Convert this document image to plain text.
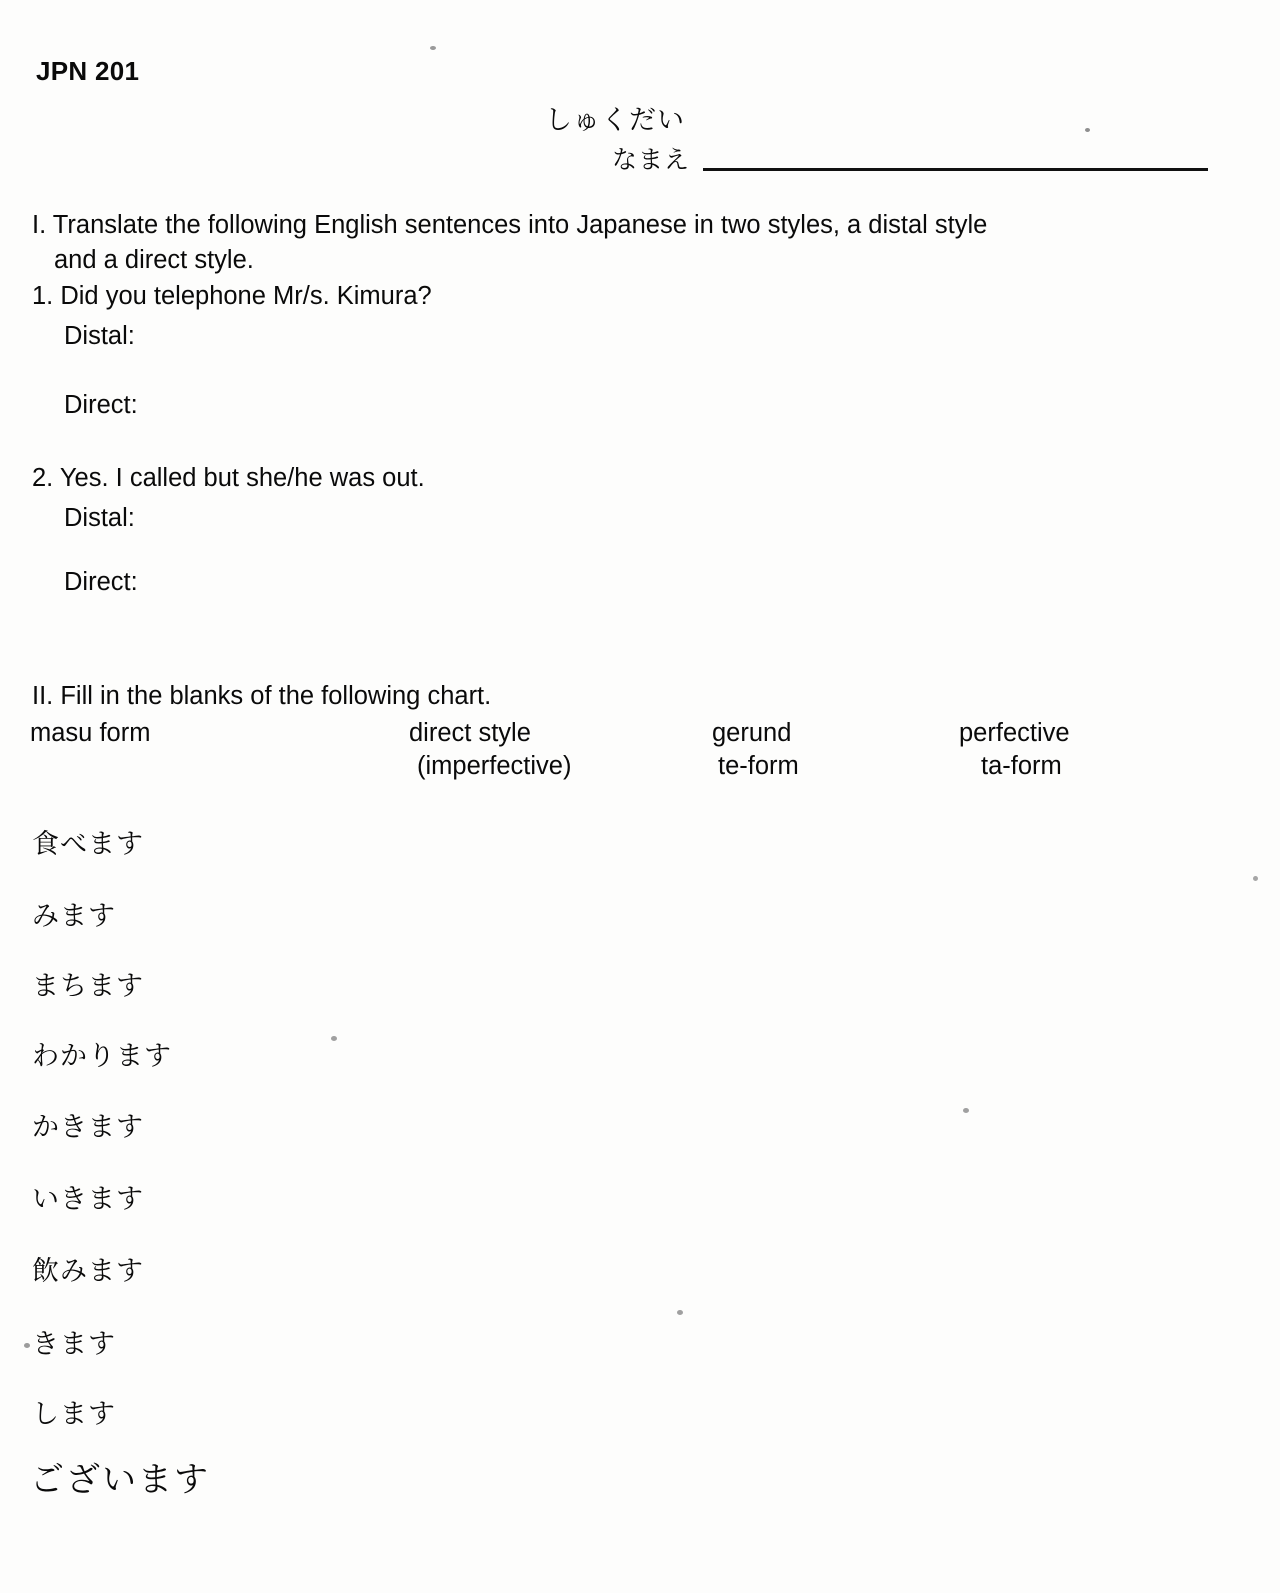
JPN 201
しゅくだい
なまえ
I. Translate the following English sentences into Japanese in two styles, a distal style
and a direct style.
1. Did you telephone Mr/s. Kimura?
Distal:
Direct:
2. Yes. I called but she/he was out.
Distal:
Direct:
II. Fill in the blanks of the following chart.
masu form	direct style
(imperfective)
gerund
te-form
perfective
ta-form
食べます
みます
まちます
わかります
かきます
いきます
飲みます
きます
します
ございます
